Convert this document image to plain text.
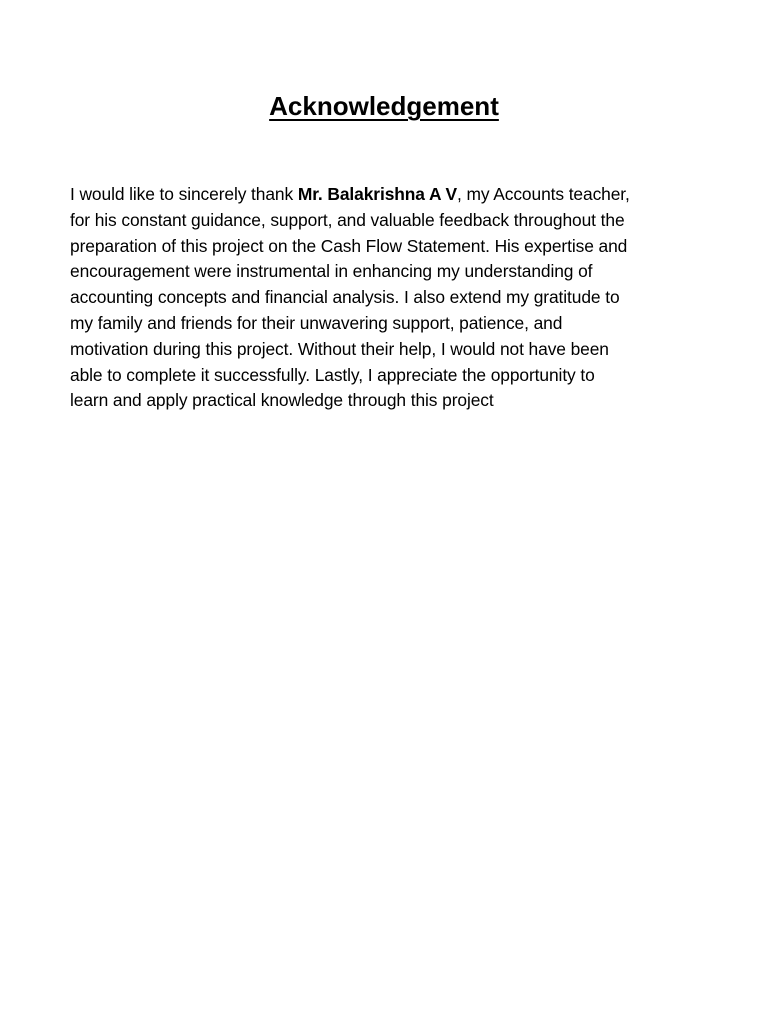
Acknowledgement

I would like to sincerely thank Mr. Balakrishna A V, my Accounts teacher,
for his constant guidance, support, and valuable feedback throughout the
preparation of this project on the Cash Flow Statement. His expertise and
encouragement were instrumental in enhancing my understanding of
accounting concepts and financial analysis. I also extend my gratitude to
my family and friends for their unwavering support, patience, and
motivation during this project. Without their help, I would not have been
able to complete it successfully. Lastly, I appreciate the opportunity to
learn and apply practical knowledge through this project
